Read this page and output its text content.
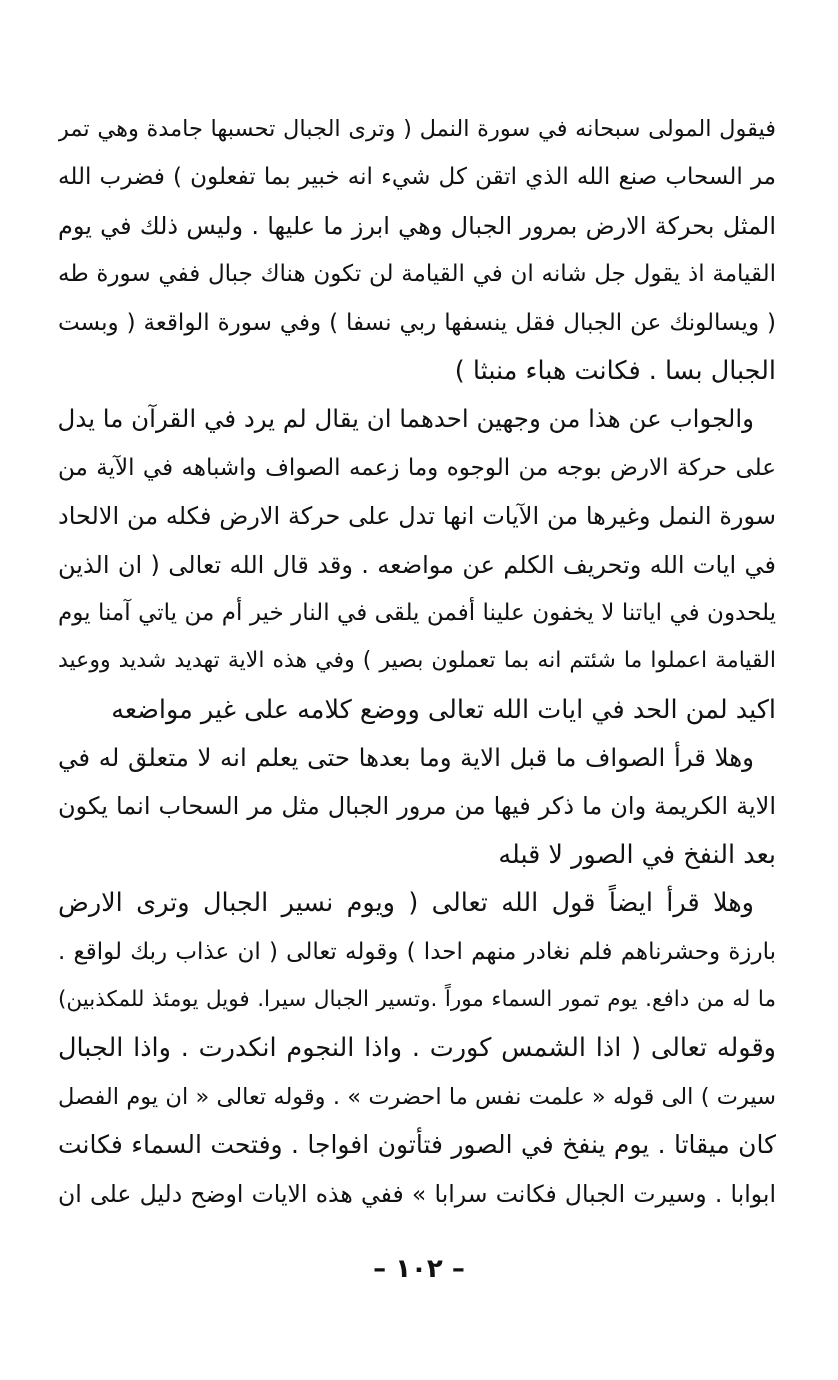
فيقول المولى سبحانه في سورة النمل ( وترى الجبال تحسبها جامدة وهي تمر
مر السحاب صنع الله الذي اتقن كل شيء انه خبير بما تفعلون ) فضرب الله
المثل بحركة الارض بمرور الجبال وهي ابرز ما عليها . وليس ذلك في يوم
القيامة اذ يقول جل شانه ان في القيامة لن تكون هناك جبال ففي سورة طه
( ويسالونك عن الجبال فقل ينسفها ربي نسفا ) وفي سورة الواقعة ( وبست
الجبال بسا . فكانت هباء منبثا )
والجواب عن هذا من وجهين احدهما ان يقال لم يرد في القرآن ما يدل
على حركة الارض بوجه من الوجوه وما زعمه الصواف واشباهه في الآية من
سورة النمل وغيرها من الآيات انها تدل على حركة الارض فكله من الالحاد
في ايات الله وتحريف الكلم عن مواضعه . وقد قال الله تعالى ( ان الذين
يلحدون في اياتنا لا يخفون علينا أفمن يلقى في النار خير أم من ياتي آمنا يوم
القيامة اعملوا ما شئتم انه بما تعملون بصير ) وفي هذه الاية تهديد شديد ووعيد
اكيد لمن الحد في ايات الله تعالى ووضع كلامه على غير مواضعه
وهلا قرأ الصواف ما قبل الاية وما بعدها حتى يعلم انه لا متعلق له في
الاية الكريمة وان ما ذكر فيها من مرور الجبال مثل مر السحاب انما يكون
بعد النفخ في الصور لا قبله
وهلا قرأ ايضاً قول الله تعالى ( ويوم نسير الجبال وترى الارض
بارزة وحشرناهم فلم نغادر منهم احدا ) وقوله تعالى ( ان عذاب ربك لواقع .
ما له من دافع. يوم تمور السماء موراً .وتسير الجبال سيرا. فويل يومئذ للمكذبين)
وقوله تعالى ( اذا الشمس كورت . واذا النجوم انكدرت . واذا الجبال
سيرت ) الى قوله « علمت نفس ما احضرت » . وقوله تعالى « ان يوم الفصل
كان ميقاتا . يوم ينفخ في الصور فتأتون افواجا . وفتحت السماء فكانت
ابوابا . وسيرت الجبال فكانت سرابا » ففي هذه الايات اوضح دليل على ان
– ١٠٢ –
